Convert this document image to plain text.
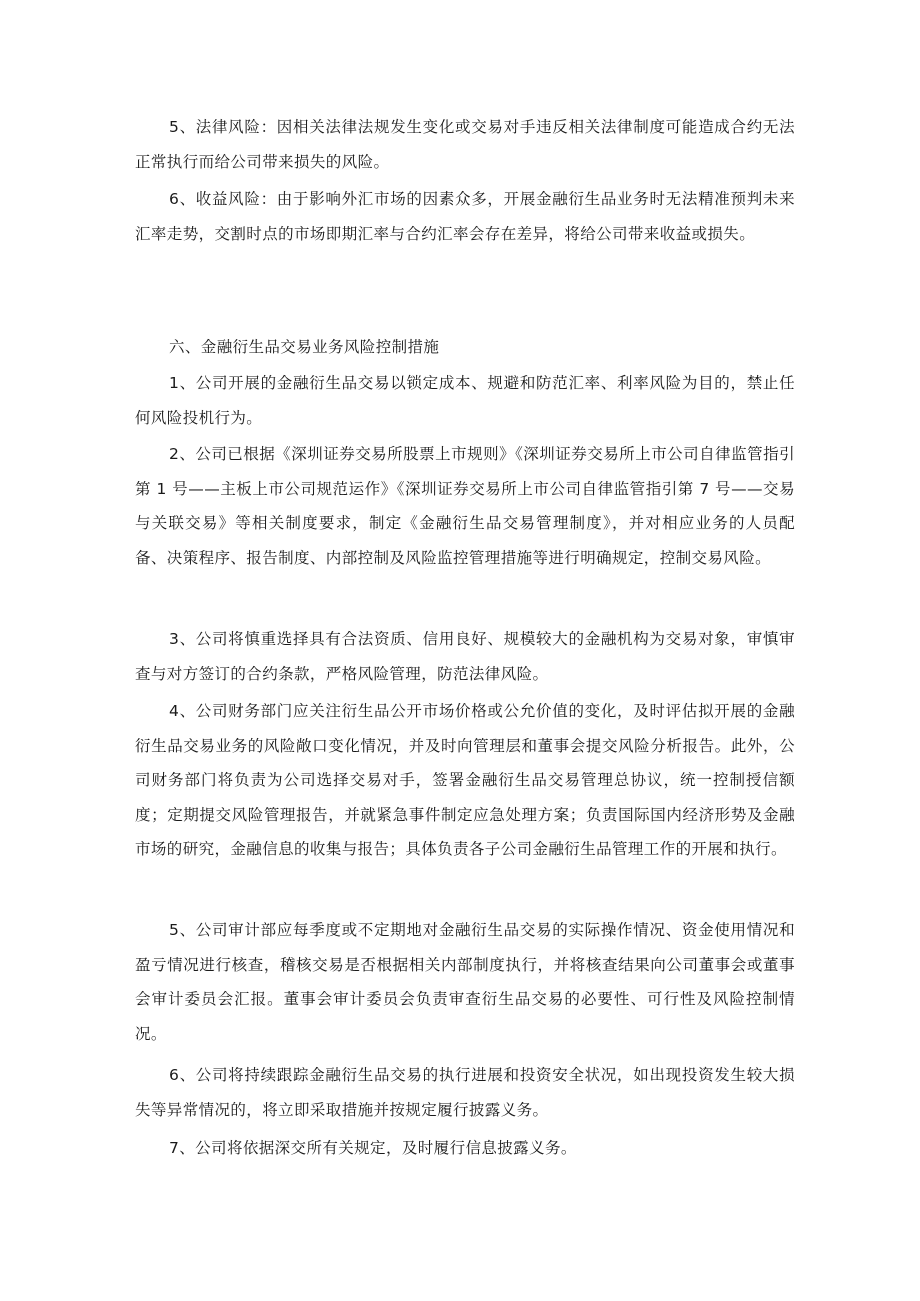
5、法律风险：因相关法律法规发生变化或交易对手违反相关法律制度可能造成合约无法正常执行而给公司带来损失的风险。

6、收益风险：由于影响外汇市场的因素众多，开展金融衍生品业务时无法精准预判未来汇率走势，交割时点的市场即期汇率与合约汇率会存在差异，将给公司带来收益或损失。

六、金融衍生品交易业务风险控制措施

1、公司开展的金融衍生品交易以锁定成本、规避和防范汇率、利率风险为目的，禁止任何风险投机行为。

2、公司已根据《深圳证券交易所股票上市规则》《深圳证券交易所上市公司自律监管指引第 1 号——主板上市公司规范运作》《深圳证券交易所上市公司自律监管指引第 7 号——交易与关联交易》等相关制度要求，制定《金融衍生品交易管理制度》，并对相应业务的人员配备、决策程序、报告制度、内部控制及风险监控管理措施等进行明确规定，控制交易风险。

3、公司将慎重选择具有合法资质、信用良好、规模较大的金融机构为交易对象，审慎审查与对方签订的合约条款，严格风险管理，防范法律风险。

4、公司财务部门应关注衍生品公开市场价格或公允价值的变化，及时评估拟开展的金融衍生品交易业务的风险敞口变化情况，并及时向管理层和董事会提交风险分析报告。此外，公司财务部门将负责为公司选择交易对手，签署金融衍生品交易管理总协议，统一控制授信额度；定期提交风险管理报告，并就紧急事件制定应急处理方案；负责国际国内经济形势及金融市场的研究，金融信息的收集与报告；具体负责各子公司金融衍生品管理工作的开展和执行。

5、公司审计部应每季度或不定期地对金融衍生品交易的实际操作情况、资金使用情况和盈亏情况进行核查，稽核交易是否根据相关内部制度执行，并将核查结果向公司董事会或董事会审计委员会汇报。董事会审计委员会负责审查衍生品交易的必要性、可行性及风险控制情况。

6、公司将持续跟踪金融衍生品交易的执行进展和投资安全状况，如出现投资发生较大损失等异常情况的，将立即采取措施并按规定履行披露义务。

7、公司将依据深交所有关规定，及时履行信息披露义务。
